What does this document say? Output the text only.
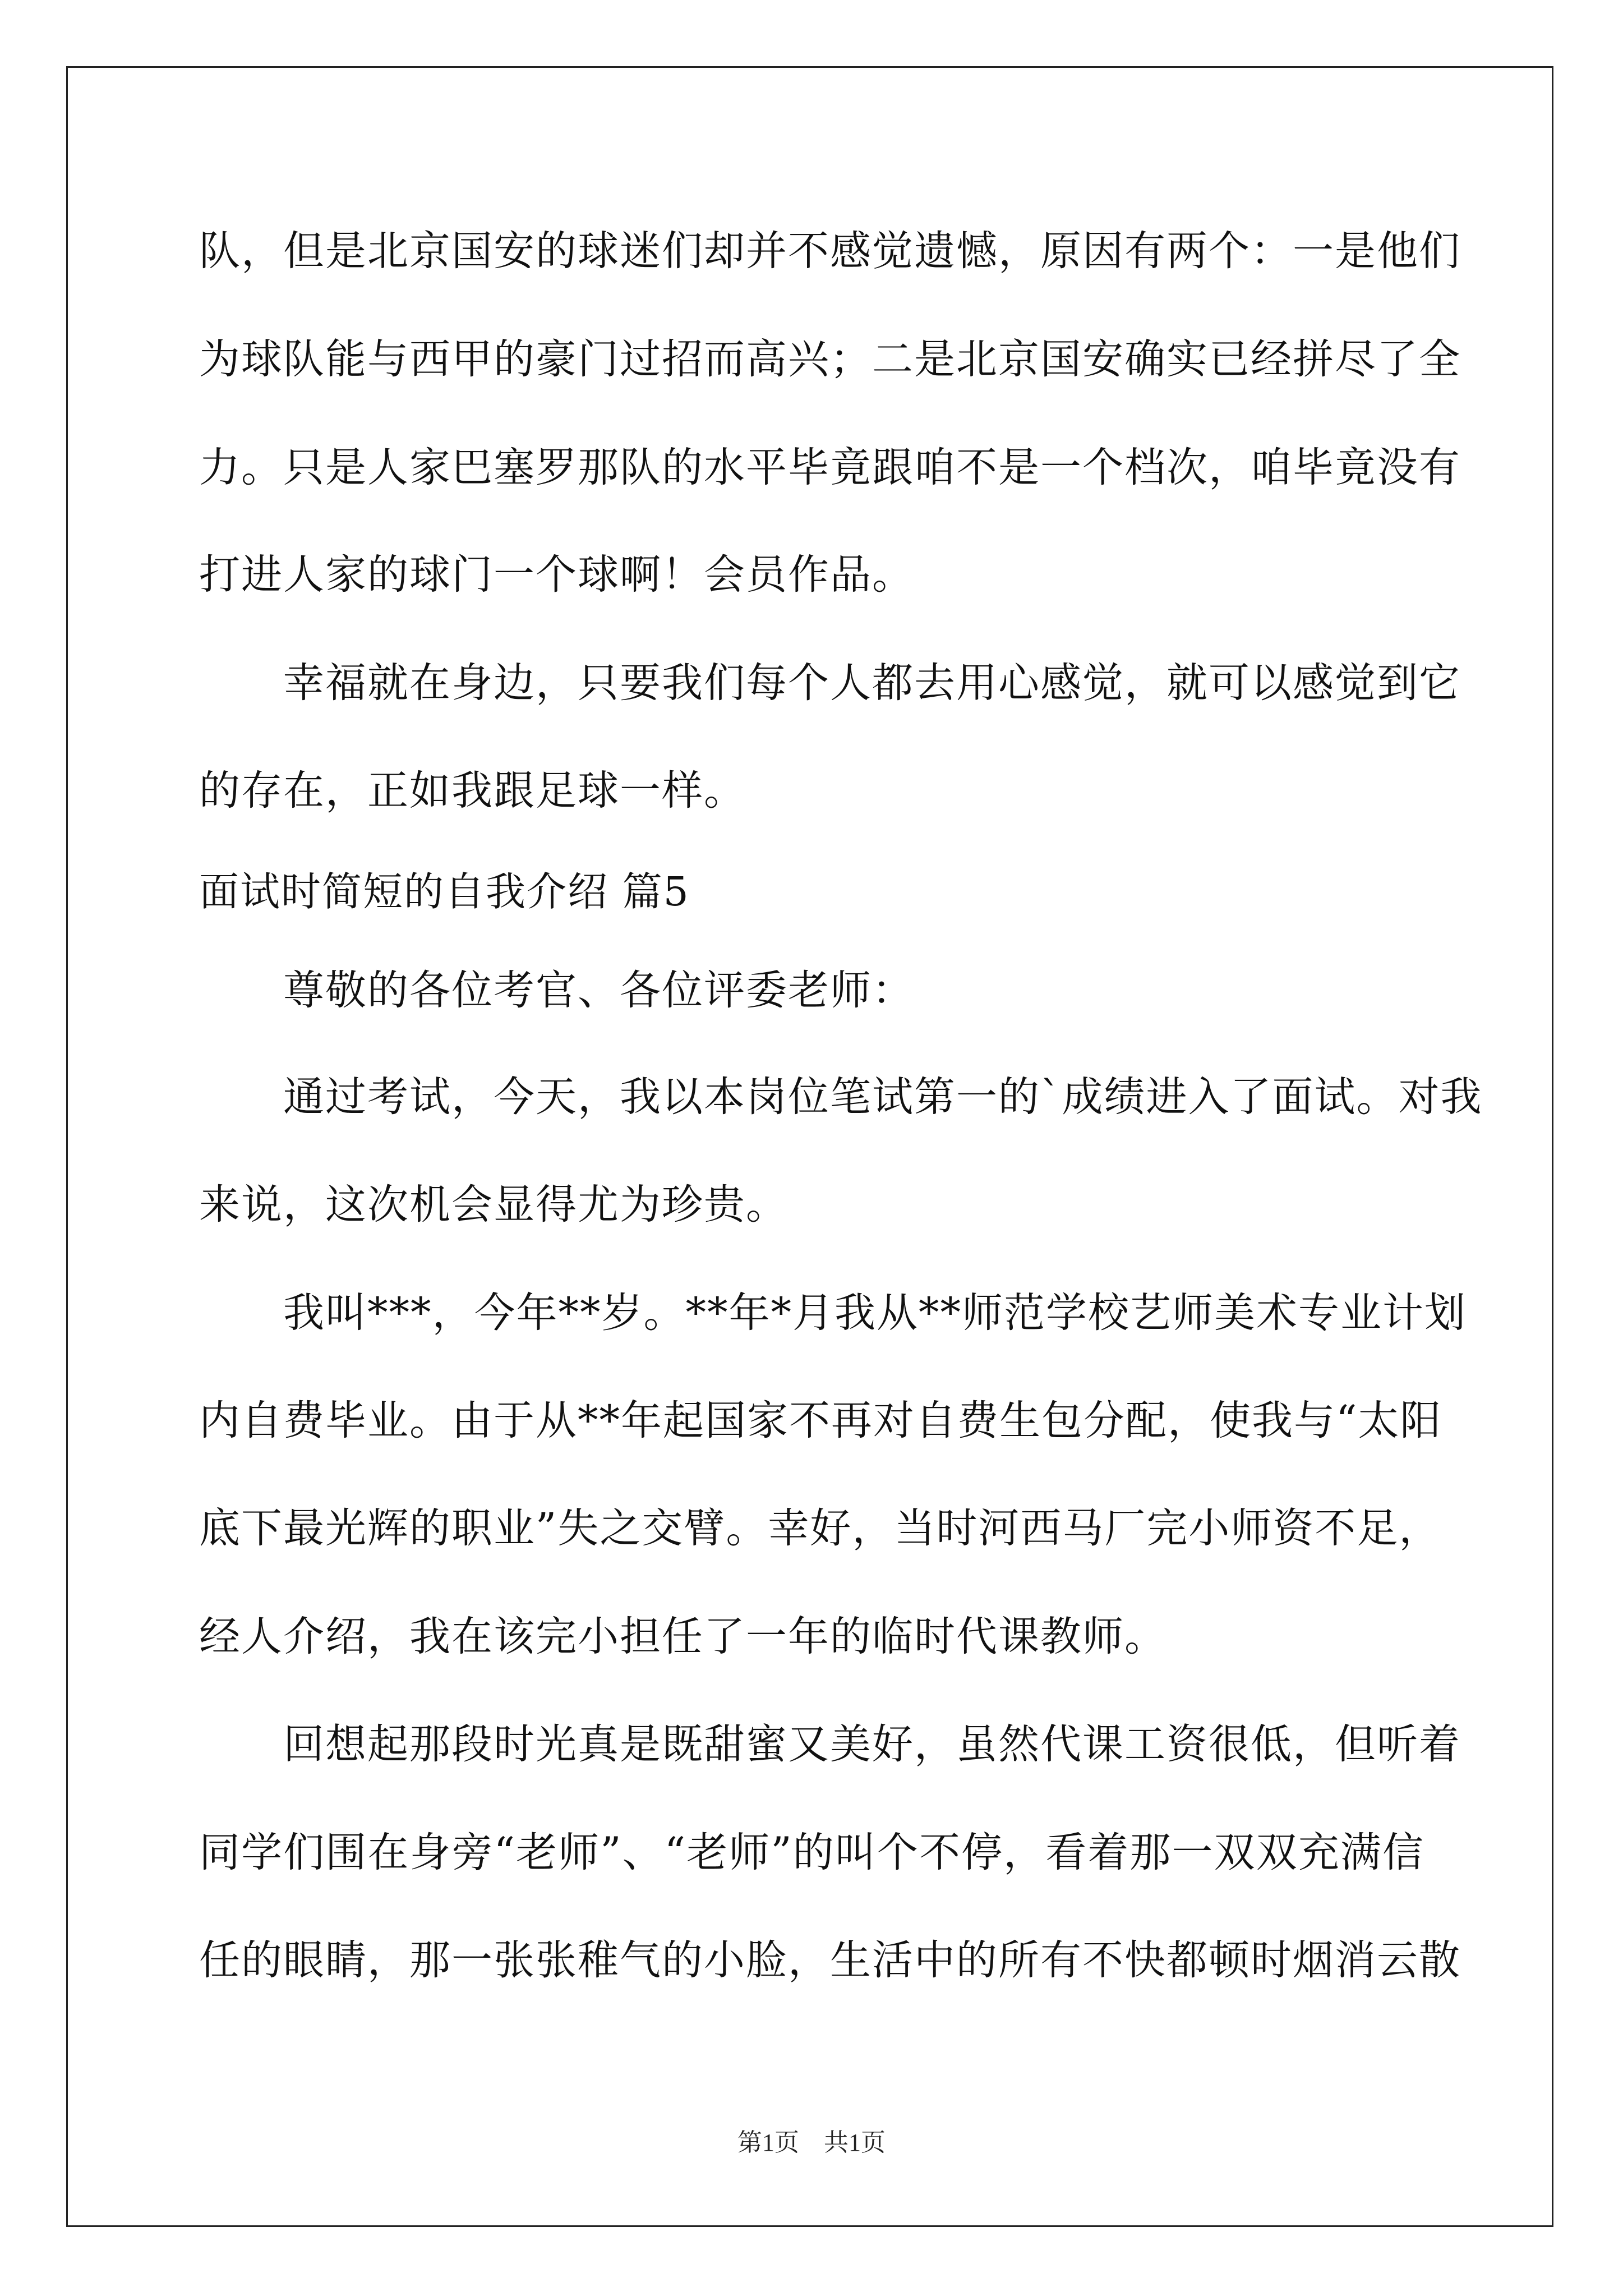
队，但是北京国安的球迷们却并不感觉遗憾，原因有两个：一是他们
为球队能与西甲的豪门过招而高兴；二是北京国安确实已经拼尽了全
力。只是人家巴塞罗那队的水平毕竟跟咱不是一个档次，咱毕竟没有
打进人家的球门一个球啊！会员作品。
幸福就在身边，只要我们每个人都去用心感觉，就可以感觉到它
的存在，正如我跟足球一样。
面试时简短的自我介绍 篇5
尊敬的各位考官、各位评委老师：
通过考试，今天，我以本岗位笔试第一的`成绩进入了面试。对我
来说，这次机会显得尤为珍贵。
我叫***，今年**岁。**年*月我从**师范学校艺师美术专业计划
内自费毕业。由于从**年起国家不再对自费生包分配，使我与“太阳
底下最光辉的职业”失之交臂。幸好，当时河西马厂完小师资不足，
经人介绍，我在该完小担任了一年的临时代课教师。
回想起那段时光真是既甜蜜又美好，虽然代课工资很低，但听着
同学们围在身旁“老师”、“老师”的叫个不停，看着那一双双充满信
任的眼睛，那一张张稚气的小脸，生活中的所有不快都顿时烟消云散
第1页　共1页
